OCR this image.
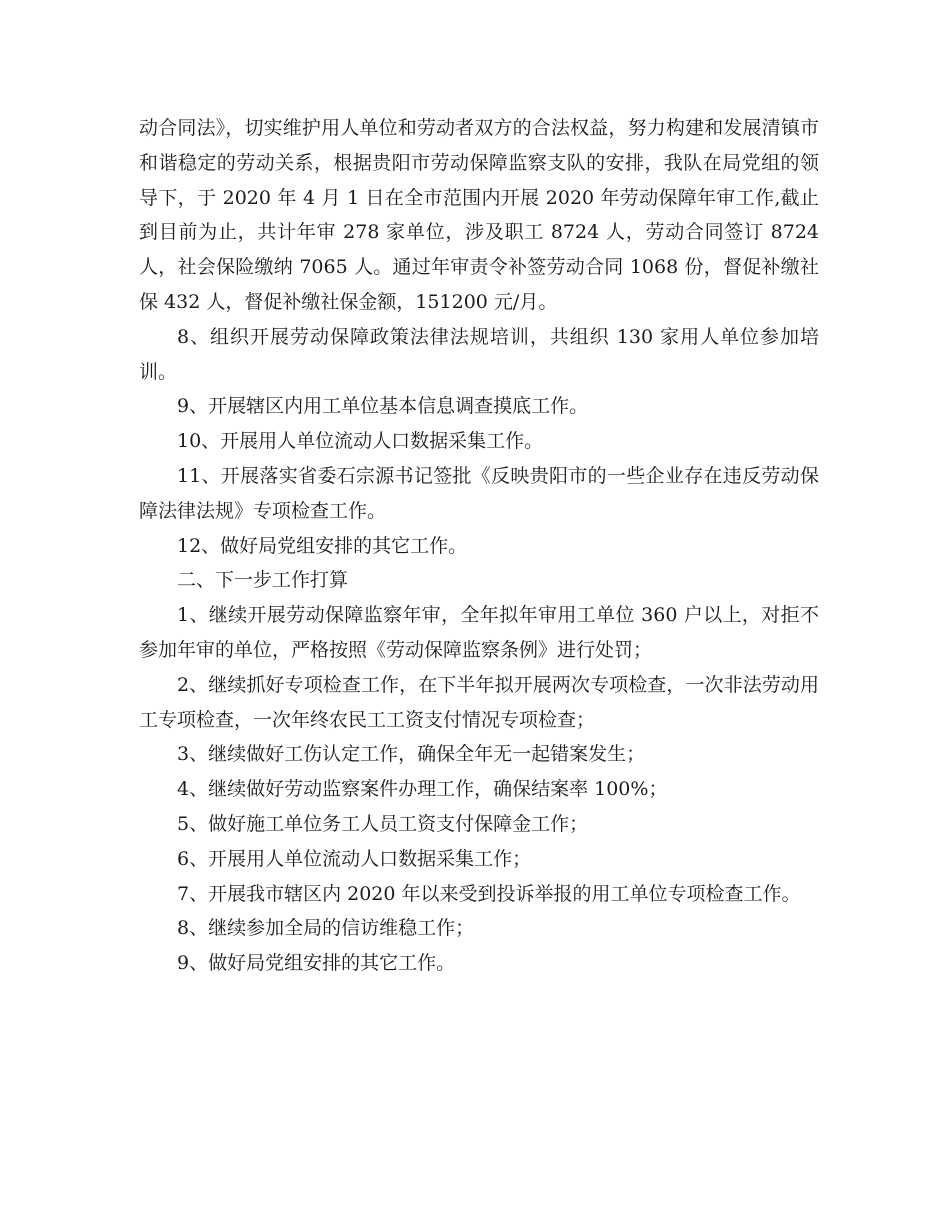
动合同法》，切实维护用人单位和劳动者双方的合法权益，努力构建和发展清镇市和谐稳定的劳动关系，根据贵阳市劳动保障监察支队的安排，我队在局党组的领导下，于 2020 年 4 月 1 日在全市范围内开展 2020 年劳动保障年审工作,截止到目前为止，共计年审 278 家单位，涉及职工 8724 人，劳动合同签订 8724 人，社会保险缴纳 7065 人。通过年审责令补签劳动合同 1068 份，督促补缴社保 432 人，督促补缴社保金额，151200 元/月。

8、组织开展劳动保障政策法律法规培训，共组织 130 家用人单位参加培训。

9、开展辖区内用工单位基本信息调查摸底工作。

10、开展用人单位流动人口数据采集工作。

11、开展落实省委石宗源书记签批《反映贵阳市的一些企业存在违反劳动保障法律法规》专项检查工作。

12、做好局党组安排的其它工作。

二、下一步工作打算

1、继续开展劳动保障监察年审，全年拟年审用工单位 360 户以上，对拒不参加年审的单位，严格按照《劳动保障监察条例》进行处罚；

2、继续抓好专项检查工作，在下半年拟开展两次专项检查，一次非法劳动用工专项检查，一次年终农民工工资支付情况专项检查；

3、继续做好工伤认定工作，确保全年无一起错案发生；

4、继续做好劳动监察案件办理工作，确保结案率 100%；

5、做好施工单位务工人员工资支付保障金工作；

6、开展用人单位流动人口数据采集工作；

7、开展我市辖区内 2020 年以来受到投诉举报的用工单位专项检查工作。

8、继续参加全局的信访维稳工作；

9、做好局党组安排的其它工作。
